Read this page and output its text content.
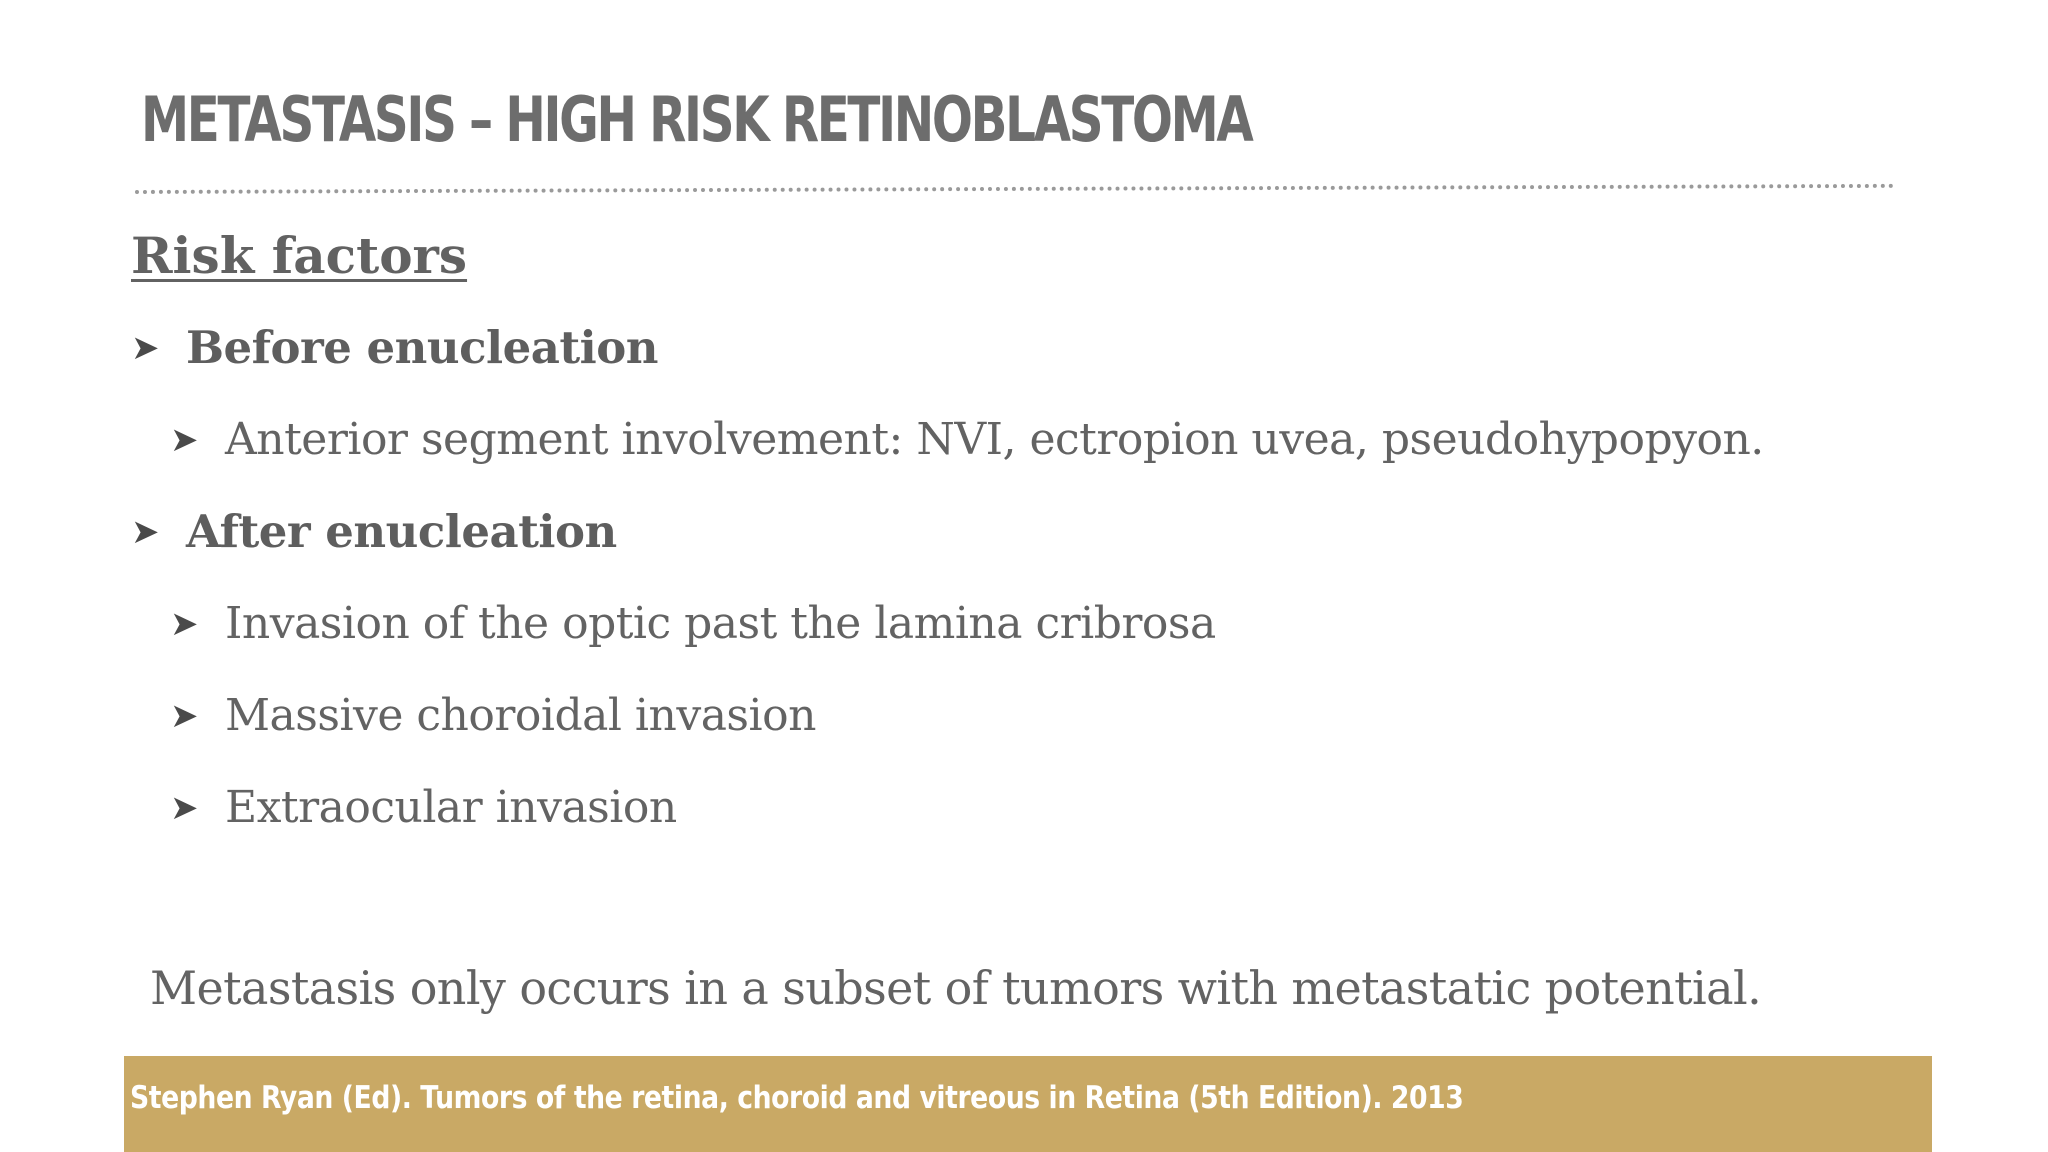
METASTASIS – HIGH RISK RETINOBLASTOMA
Risk factors
➤ Before enucleation
➤ Anterior segment involvement: NVI, ectropion uvea, pseudohypopyon.
➤ After enucleation
➤ Invasion of the optic past the lamina cribrosa
➤ Massive choroidal invasion
➤ Extraocular invasion

Metastasis only occurs in a subset of tumors with metastatic potential.

Stephen Ryan (Ed). Tumors of the retina, choroid and vitreous in Retina (5th Edition). 2013
